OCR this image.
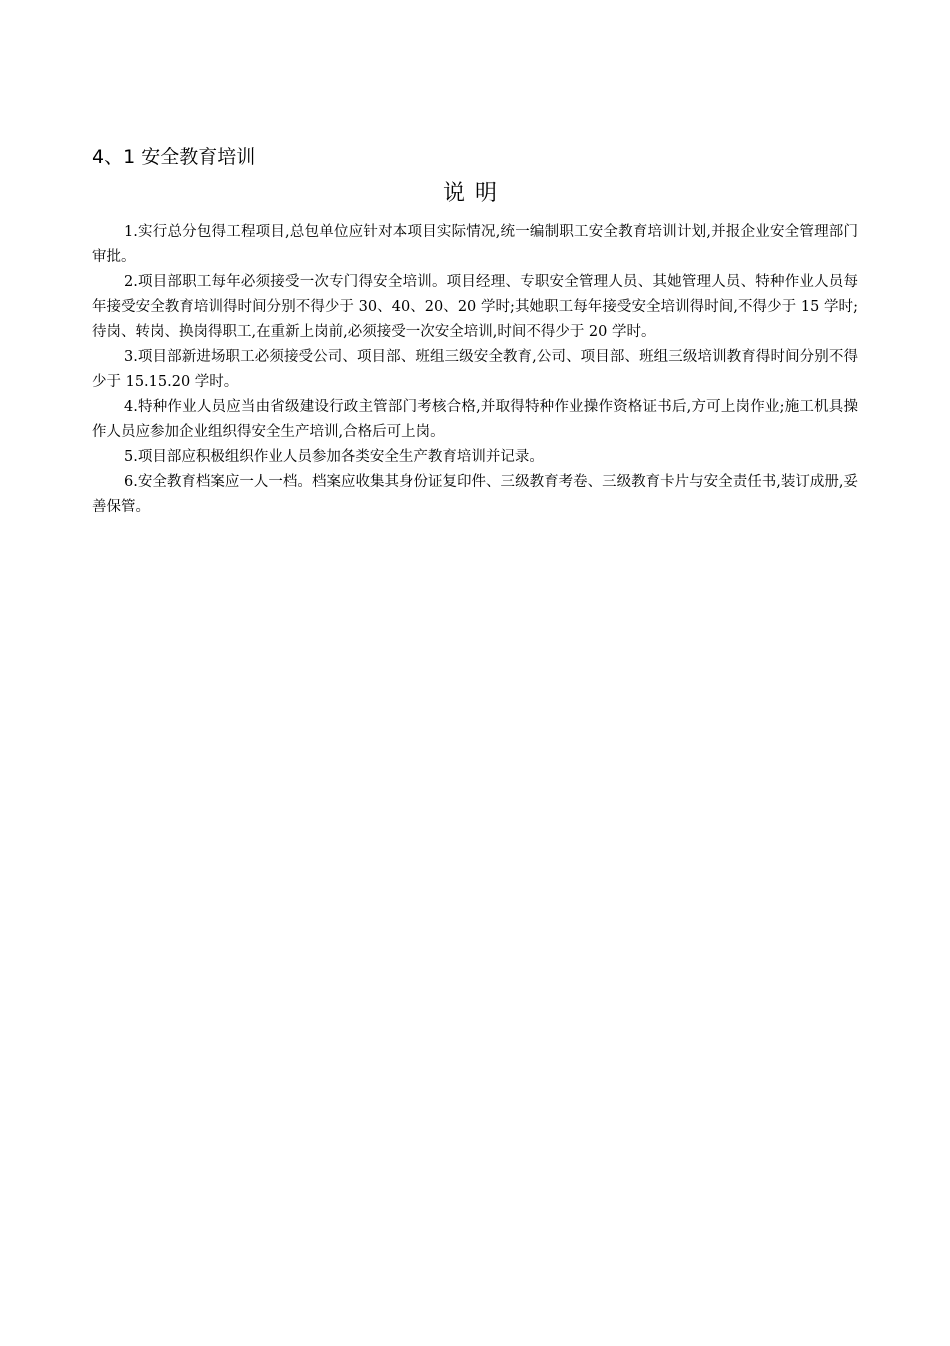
4、1 安全教育培训
说明

1.实行总分包得工程项目,总包单位应针对本项目实际情况,统一编制职工安全教育培训计划,并报企业安全管理部门审批。

2.项目部职工每年必须接受一次专门得安全培训。项目经理、专职安全管理人员、其她管理人员、特种作业人员每年接受安全教育培训得时间分别不得少于 30、40、20、20 学时;其她职工每年接受安全培训得时间,不得少于 15 学时;待岗、转岗、换岗得职工,在重新上岗前,必须接受一次安全培训,时间不得少于 20 学时。

3.项目部新进场职工必须接受公司、项目部、班组三级安全教育,公司、项目部、班组三级培训教育得时间分别不得少于 15.15.20 学时。

4.特种作业人员应当由省级建设行政主管部门考核合格,并取得特种作业操作资格证书后,方可上岗作业;施工机具操作人员应参加企业组织得安全生产培训,合格后可上岗。

5.项目部应积极组织作业人员参加各类安全生产教育培训并记录。

6.安全教育档案应一人一档。档案应收集其身份证复印件、三级教育考卷、三级教育卡片与安全责任书,装订成册,妥善保管。
